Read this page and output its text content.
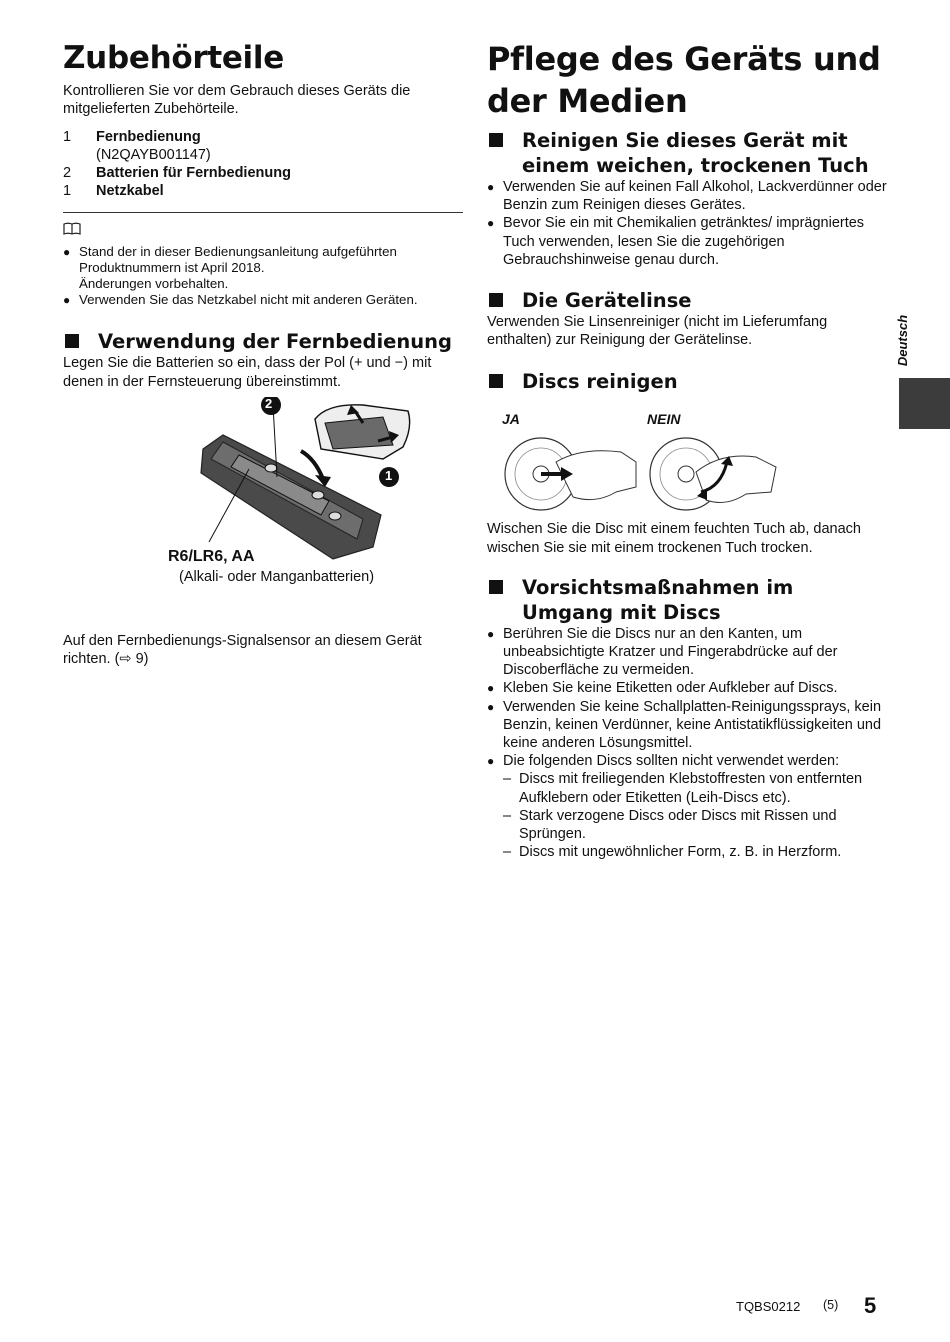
Zubehörteile

Kontrollieren Sie vor dem Gebrauch dieses Geräts die mitgelieferten Zubehörteile.

1	Fernbedienung
(N2QAYB001147)
2	Batterien für Fernbedienung
1	Netzkabel
● Stand der in dieser Bedienungsanleitung aufgeführten
Produktnummern ist April 2018.
Änderungen vorbehalten.
● Verwenden Sie das Netzkabel nicht mit anderen Geräten.
Verwendung der Fernbedienung

Legen Sie die Batterien so ein, dass der Pol (+ und −) mit denen in der Fernsteuerung übereinstimmt.

2
1
R6/LR6, AA
(Alkali- oder Manganbatterien)

Auf den Fernbedienungs-Signalsensor an diesem Gerät richten. (⇨ 9)

Pflege des Geräts und
der Medien
Reinigen Sie dieses Gerät mit
einem weichen, trockenen Tuch
● Verwenden Sie auf keinen Fall Alkohol, Lackverdünner oder Benzin zum Reinigen dieses Gerätes.
● Bevor Sie ein mit Chemikalien getränktes/ imprägniertes Tuch verwenden, lesen Sie die zugehörigen Gebrauchshinweise genau durch.
Die Gerätelinse

Verwenden Sie Linsenreiniger (nicht im Lieferumfang enthalten) zur Reinigung der Gerätelinse.

Discs reinigen
JA	NEIN

Wischen Sie die Disc mit einem feuchten Tuch ab, danach wischen Sie sie mit einem trockenen Tuch trocken.

Vorsichtsmaßnahmen im
Umgang mit Discs
● Berühren Sie die Discs nur an den Kanten, um unbeabsichtigte Kratzer und Fingerabdrücke auf der Discoberfläche zu vermeiden.
● Kleben Sie keine Etiketten oder Aufkleber auf Discs.
● Verwenden Sie keine Schallplatten-Reinigungssprays, kein Benzin, keinen Verdünner, keine Antistatikflüssigkeiten und keine anderen Lösungsmittel.
● Die folgenden Discs sollten nicht verwendet werden:
– Discs mit freiliegenden Klebstoffresten von entfernten Aufklebern oder Etiketten (Leih-Discs etc).
– Stark verzogene Discs oder Discs mit Rissen und Sprüngen.
– Discs mit ungewöhnlicher Form, z. B. in Herzform.
Deutsch
TQBS0212 (5) 5
